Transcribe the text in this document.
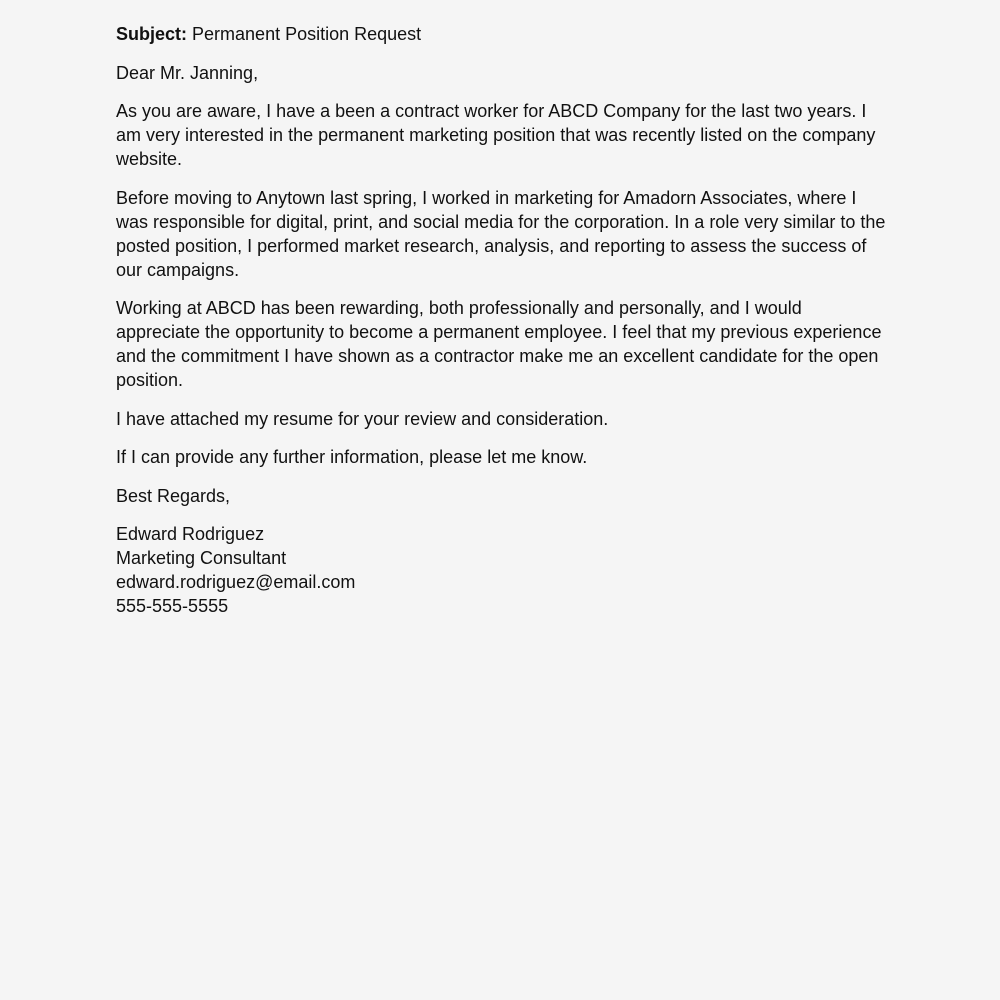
Subject: Permanent Position Request

Dear Mr. Janning,

As you are aware, I have a been a contract worker for ABCD Company for the last two years. I am very interested in the permanent marketing position that was recently listed on the company website.

Before moving to Anytown last spring, I worked in marketing for Amadorn Associates, where I was responsible for digital, print, and social media for the corporation. In a role very similar to the posted position, I performed market research, analysis, and reporting to assess the success of our campaigns.

Working at ABCD has been rewarding, both professionally and personally, and I would appreciate the opportunity to become a permanent employee. I feel that my previous experience and the commitment I have shown as a contractor make me an excellent candidate for the open position.

I have attached my resume for your review and consideration.

If I can provide any further information, please let me know.

Best Regards,

Edward Rodriguez
Marketing Consultant
edward.rodriguez@email.com
555-555-5555
